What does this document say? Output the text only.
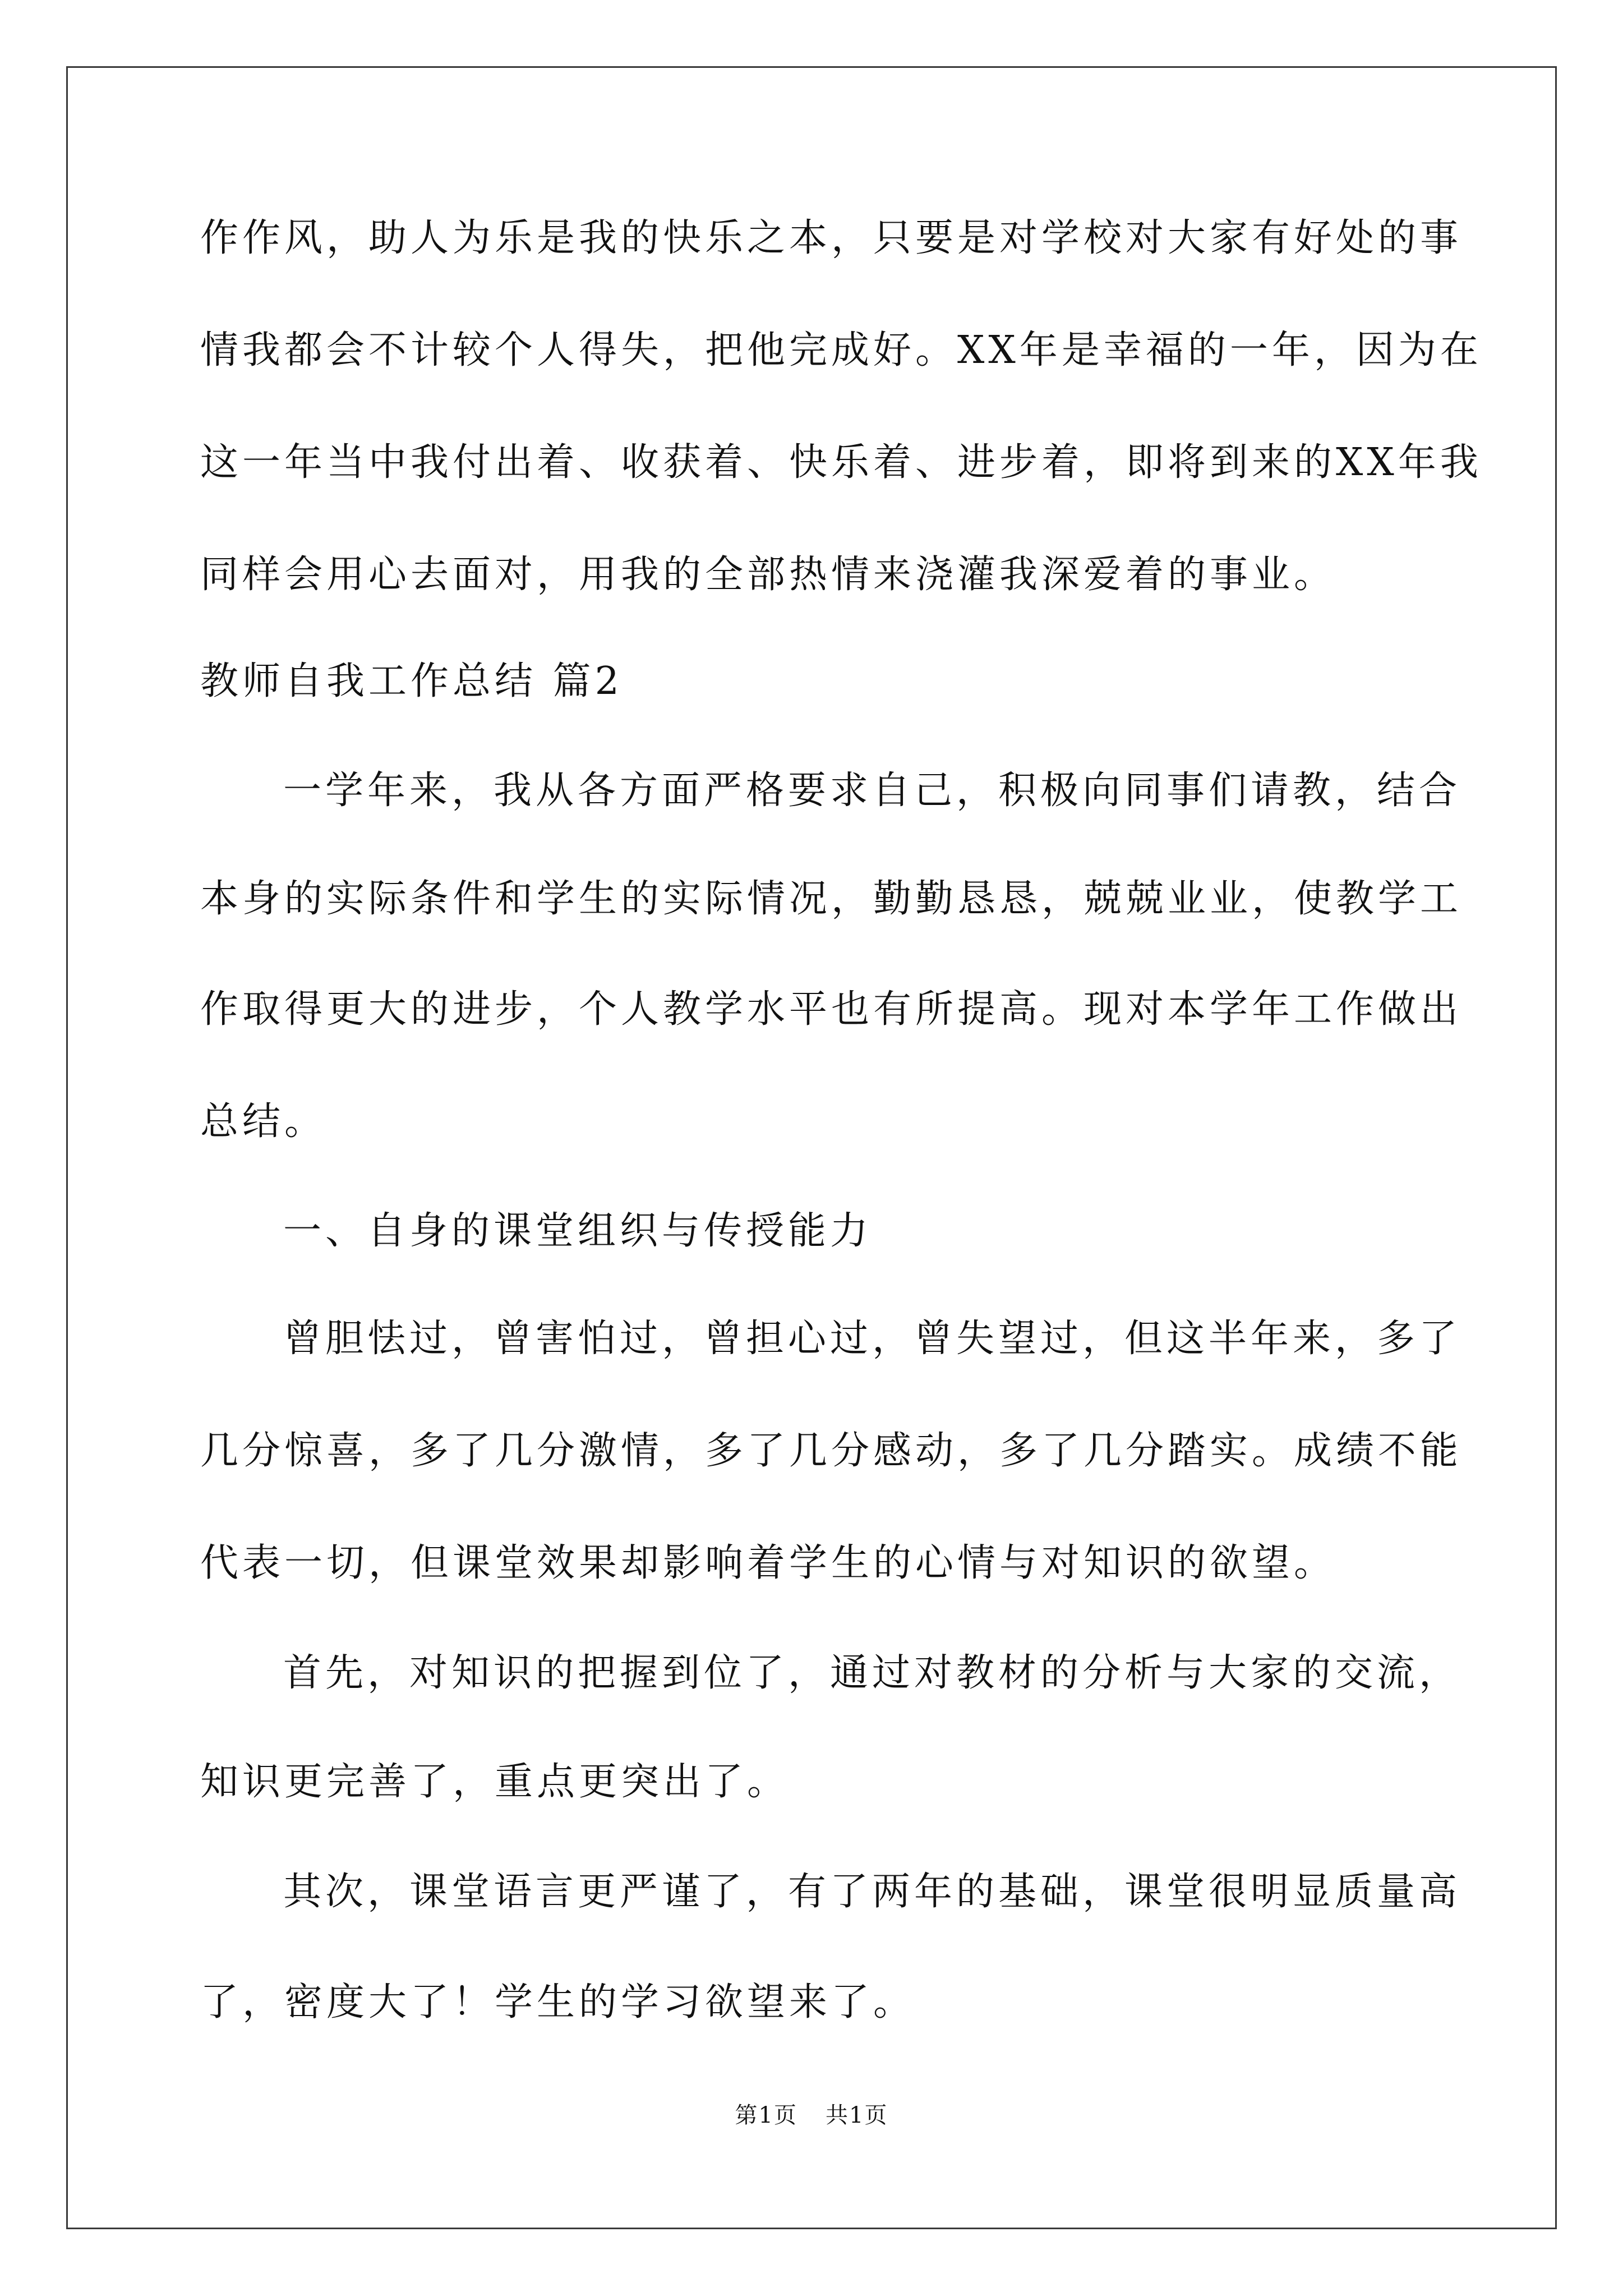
作作风，助人为乐是我的快乐之本，只要是对学校对大家有好处的事
情我都会不计较个人得失，把他完成好。XX年是幸福的一年，因为在
这一年当中我付出着、收获着、快乐着、进步着，即将到来的XX年我
同样会用心去面对，用我的全部热情来浇灌我深爱着的事业。
教师自我工作总结 篇2
一学年来，我从各方面严格要求自己，积极向同事们请教，结合
本身的实际条件和学生的实际情况，勤勤恳恳，兢兢业业，使教学工
作取得更大的进步，个人教学水平也有所提高。现对本学年工作做出
总结。
一、自身的课堂组织与传授能力
曾胆怯过，曾害怕过，曾担心过，曾失望过，但这半年来，多了
几分惊喜，多了几分激情，多了几分感动，多了几分踏实。成绩不能
代表一切，但课堂效果却影响着学生的心情与对知识的欲望。
首先，对知识的把握到位了，通过对教材的分析与大家的交流，
知识更完善了，重点更突出了。
其次，课堂语言更严谨了，有了两年的基础，课堂很明显质量高
了，密度大了！学生的学习欲望来了。
第1页 共1页
